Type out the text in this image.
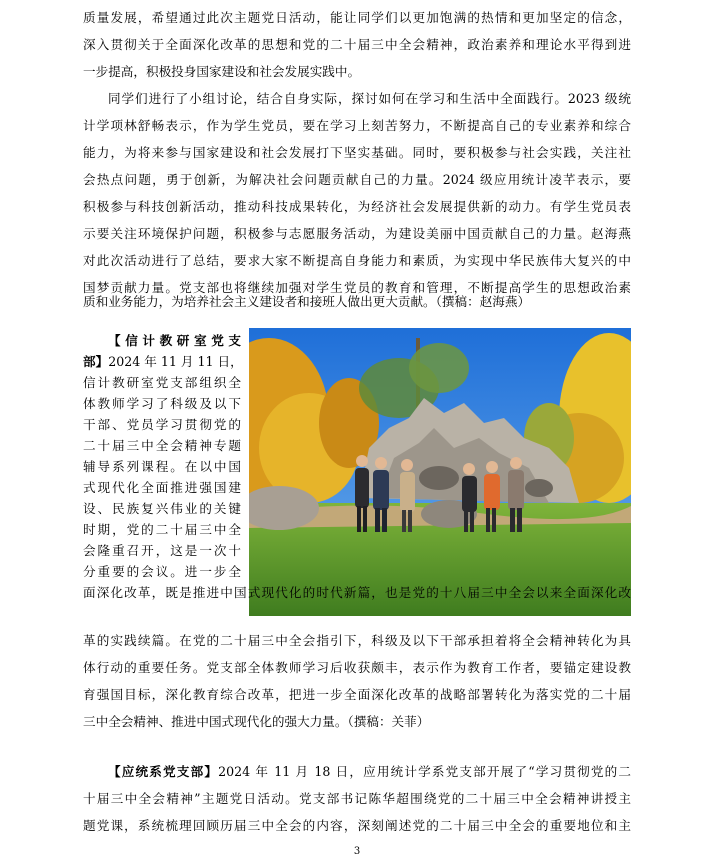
质量发展，希望通过此次主题党日活动，能让同学们以更加饱满的热情和更加坚定的信念，
深入贯彻关于全面深化改革的思想和党的二十届三中全会精神，政治素养和理论水平得到进
一步提高，积极投身国家建设和社会发展实践中。
同学们进行了小组讨论，结合自身实际，探讨如何在学习和生活中全面践行。2023 级统
计学项林舒畅表示，作为学生党员，要在学习上刻苦努力，不断提高自己的专业素养和综合
能力，为将来参与国家建设和社会发展打下坚实基础。同时，要积极参与社会实践，关注社
会热点问题，勇于创新，为解决社会问题贡献自己的力量。2024 级应用统计凌芊表示，要
积极参与科技创新活动，推动科技成果转化，为经济社会发展提供新的动力。有学生党员表
示要关注环境保护问题，积极参与志愿服务活动，为建设美丽中国贡献自己的力量。赵海燕
对此次活动进行了总结，要求大家不断提高自身能力和素质，为实现中华民族伟大复兴的中
国梦贡献力量。党支部也将继续加强对学生党员的教育和管理，不断提高学生的思想政治素
质和业务能力，为培养社会主义建设者和接班人做出更大贡献。（撰稿：赵海燕）
【信计教研室党支
部】2024 年 11 月 11 日，
信计教研室党支部组织全
体教师学习了科级及以下
干部、党员学习贯彻党的
二十届三中全会精神专题
辅导系列课程。在以中国
式现代化全面推进强国建
设、民族复兴伟业的关键
时期，党的二十届三中全
会隆重召开，这是一次十
分重要的会议。进一步全
面深化改革，既是推进中国式现代化的时代新篇，也是党的十八届三中全会以来全面深化改
革的实践续篇。在党的二十届三中全会指引下，科级及以下干部承担着将全会精神转化为具
体行动的重要任务。党支部全体教师学习后收获颇丰，表示作为教育工作者，要锚定建设教
育强国目标，深化教育综合改革，把进一步全面深化改革的战略部署转化为落实党的二十届
三中全会精神、推进中国式现代化的强大力量。（撰稿：关菲）
【应统系党支部】2024 年 11 月 18 日，应用统计学系党支部开展了“学习贯彻党的二
十届三中全会精神”主题党日活动。党支部书记陈华超围绕党的二十届三中全会精神讲授主
题党课，系统梳理回顾历届三中全会的内容，深刻阐述党的二十届三中全会的重要地位和主
3
